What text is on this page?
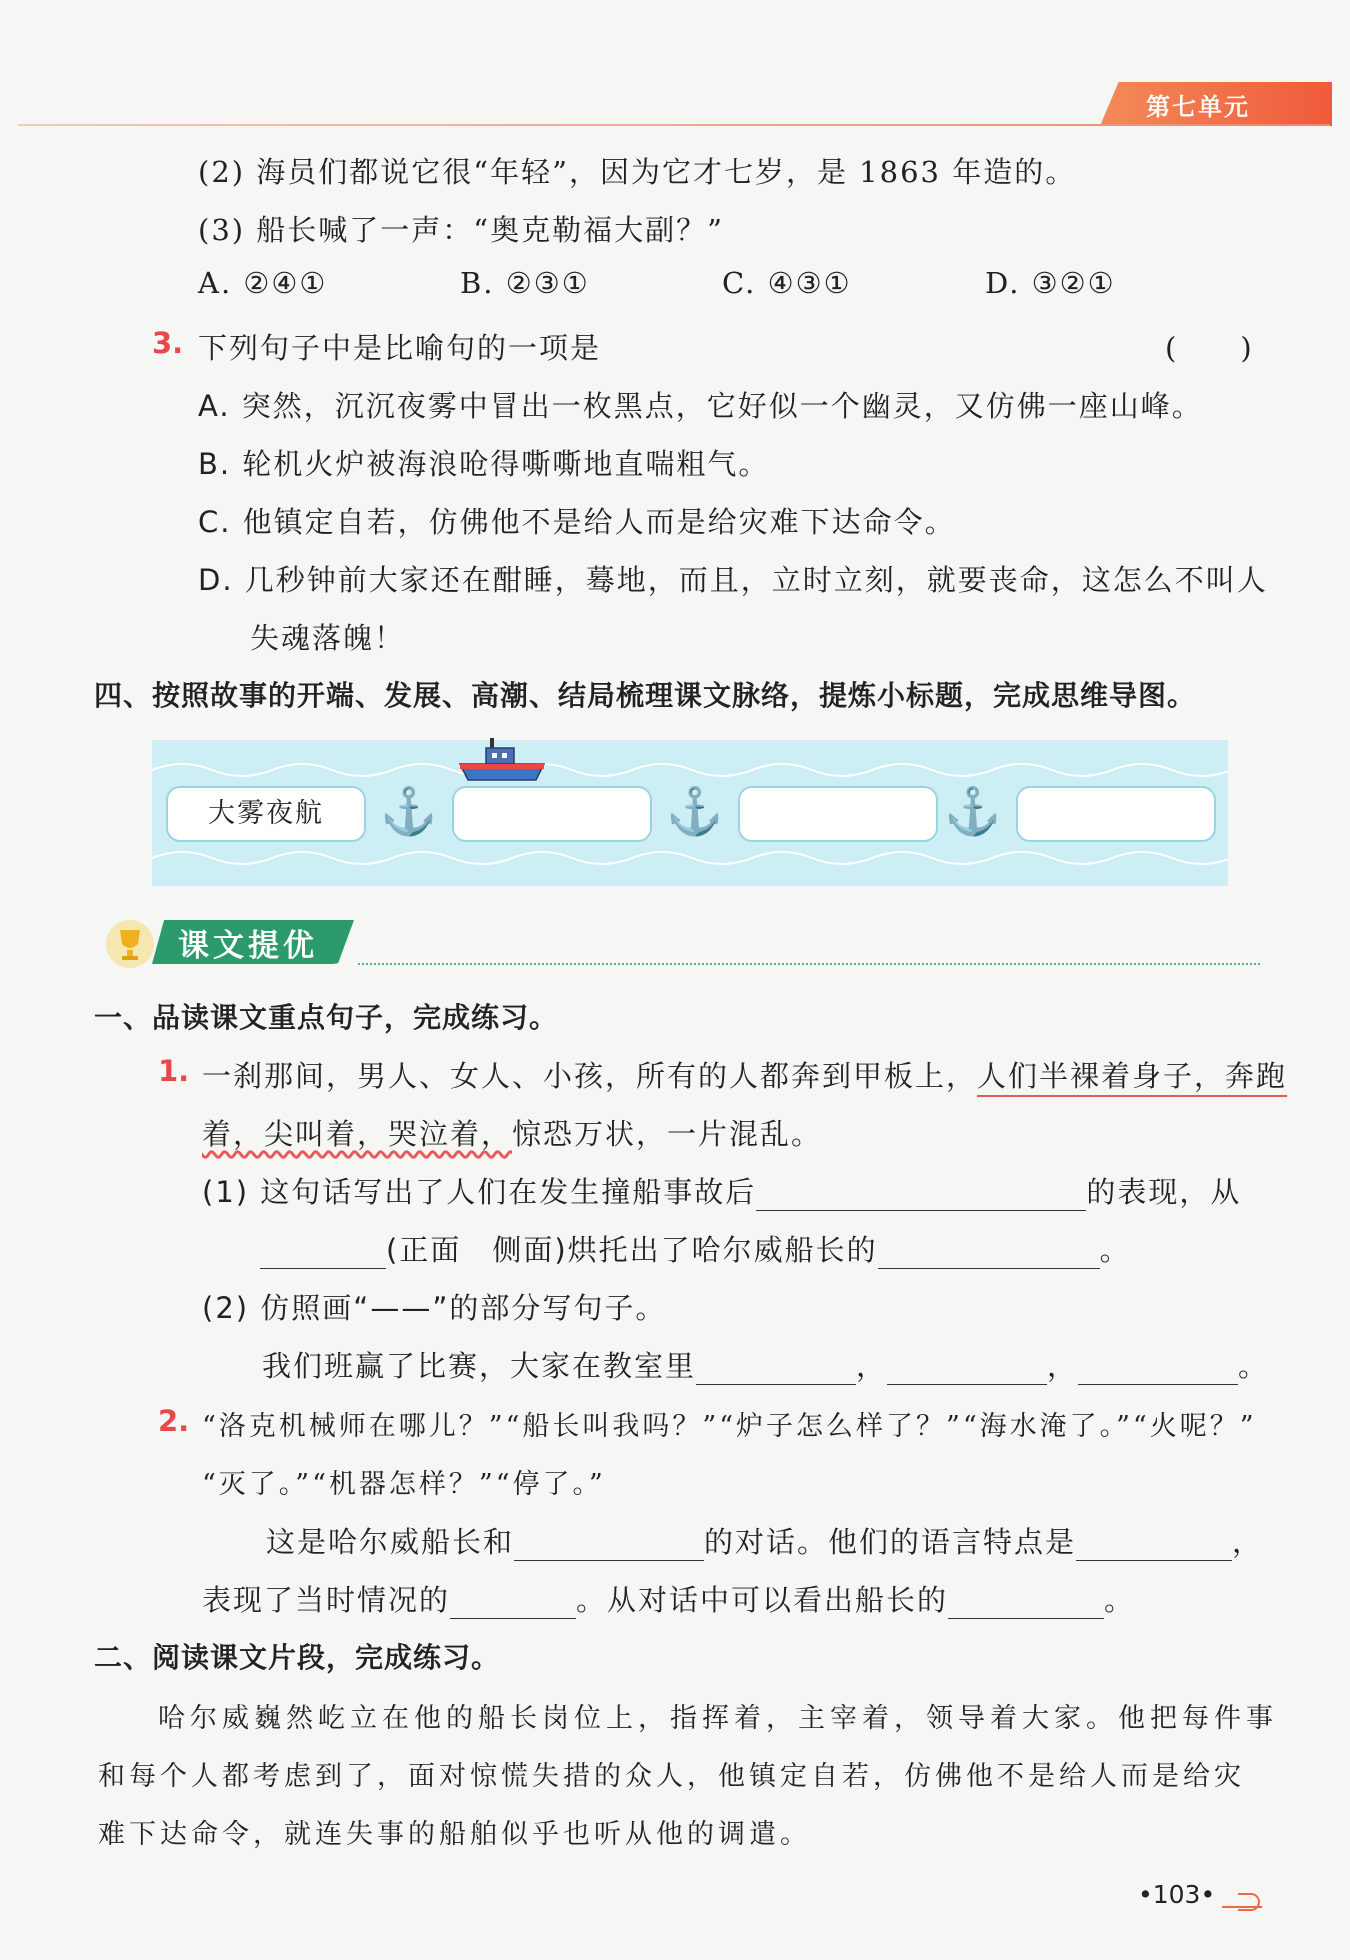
第七单元
(2) 海员们都说它很“年轻”，因为它才七岁，是 1863 年造的。
(3) 船长喊了一声：“奥克勒福大副？”
A. ②④①	B. ②③①	C. ④③①	D. ③②①
3. 下列句子中是比喻句的一项是	(　　)
A. 突然，沉沉夜雾中冒出一枚黑点，它好似一个幽灵，又仿佛一座山峰。
B. 轮机火炉被海浪呛得嘶嘶地直喘粗气。
C. 他镇定自若，仿佛他不是给人而是给灾难下达命令。
D. 几秒钟前大家还在酣睡，蓦地，而且，立时立刻，就要丧命，这怎么不叫人
失魂落魄！
四、按照故事的开端、发展、高潮、结局梳理课文脉络，提炼小标题，完成思维导图。
大雾夜航	⚓	⚓	⚓
课文提优
一、品读课文重点句子，完成练习。
1. 一刹那间，男人、女人、小孩，所有的人都奔到甲板上，人们半裸着身子，奔跑
着，尖叫着，哭泣着，惊恐万状，一片混乱。
(1) 这句话写出了人们在发生撞船事故后	的表现，从
(正面　侧面)烘托出了哈尔威船长的	。
(2) 仿照画“——”的部分写句子。
我们班赢了比赛，大家在教室里	，	，	。
2. “洛克机械师在哪儿？”“船长叫我吗？”“炉子怎么样了？”“海水淹了。”“火呢？”
“灭了。”“机器怎样？”“停了。”
这是哈尔威船长和	的对话。他们的语言特点是	，
表现了当时情况的	。从对话中可以看出船长的	。
二、阅读课文片段，完成练习。
哈尔威巍然屹立在他的船长岗位上，指挥着，主宰着，领导着大家。他把每件事
和每个人都考虑到了，面对惊慌失措的众人，他镇定自若，仿佛他不是给人而是给灾
难下达命令，就连失事的船舶似乎也听从他的调遣。
•103•
